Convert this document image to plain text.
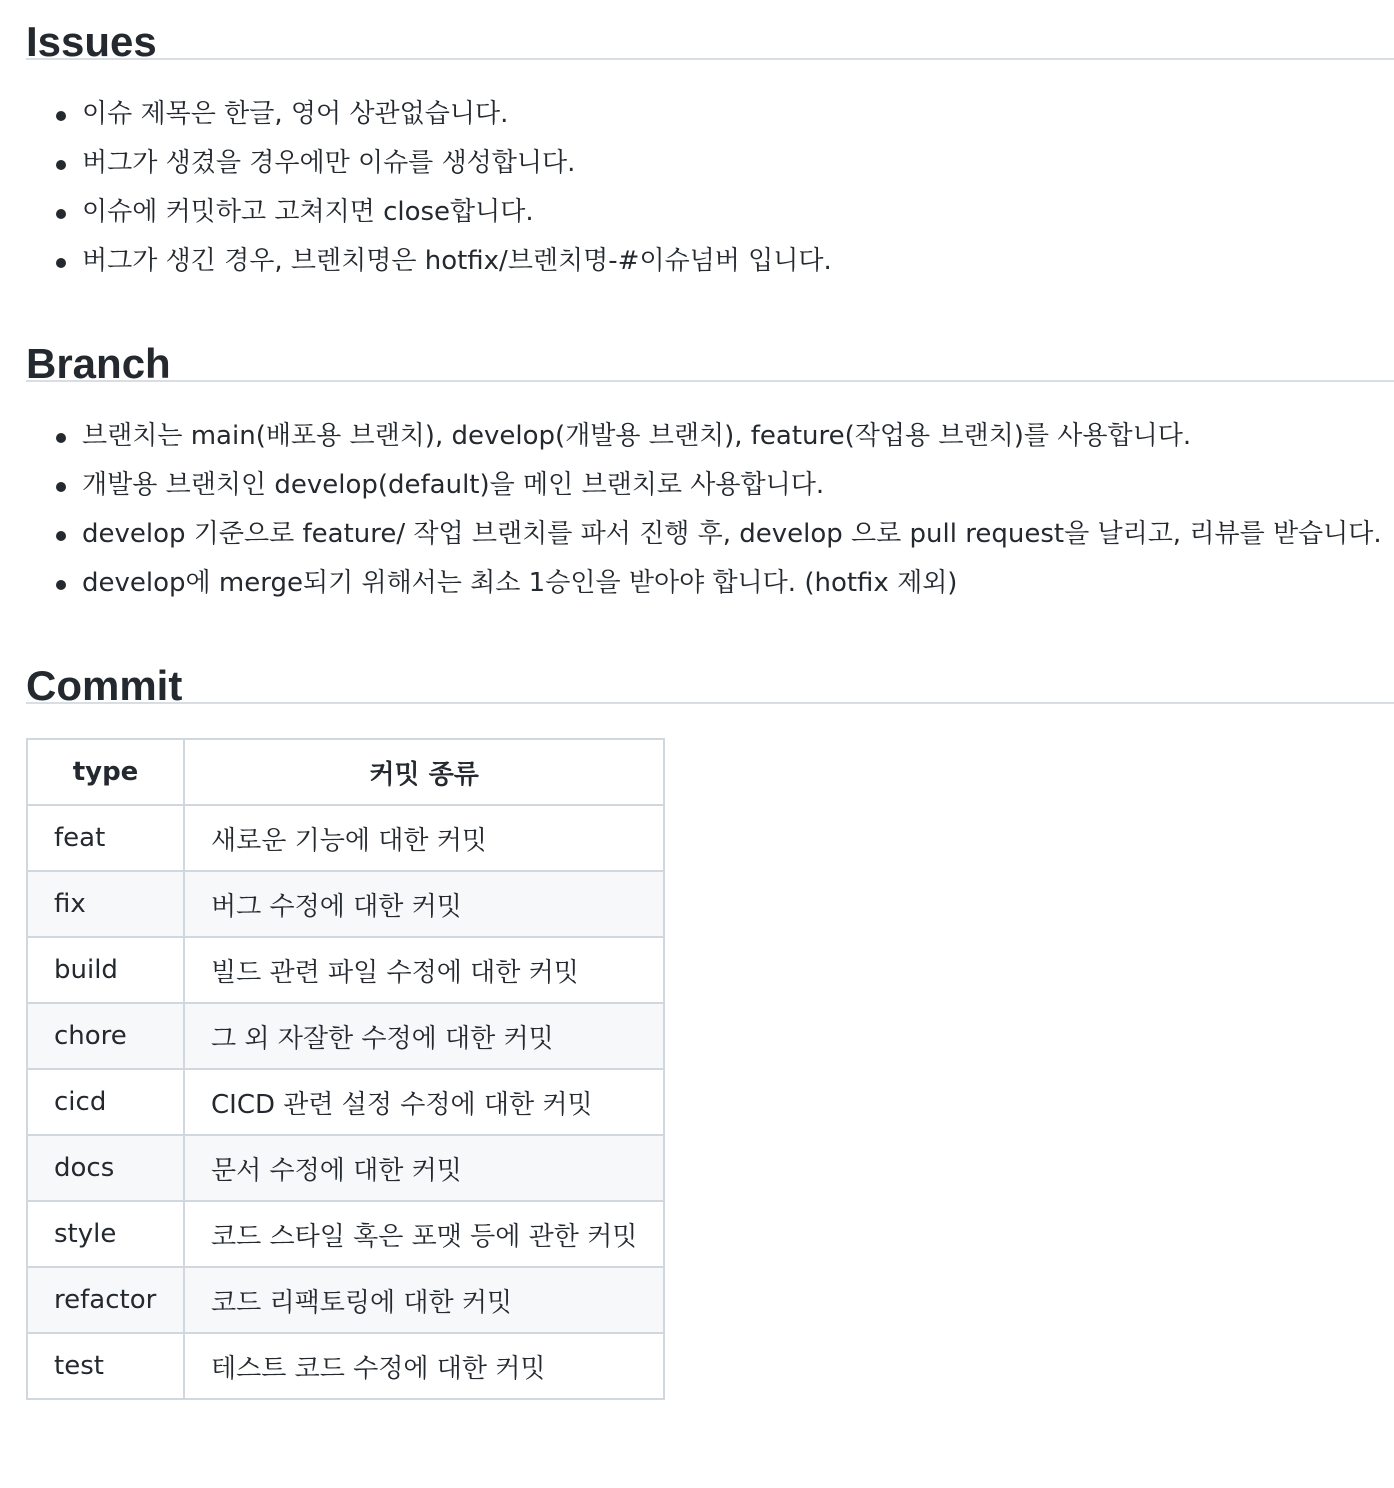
Issues
이슈 제목은 한글, 영어 상관없습니다.
버그가 생겼을 경우에만 이슈를 생성합니다.
이슈에 커밋하고 고쳐지면 close합니다.
버그가 생긴 경우, 브렌치명은 hotfix/브렌치명-#이슈넘버 입니다.
Branch
브랜치는 main(배포용 브랜치), develop(개발용 브랜치), feature(작업용 브랜치)를 사용합니다.
개발용 브랜치인 develop(default)을 메인 브랜치로 사용합니다.
develop 기준으로 feature/ 작업 브랜치를 파서 진행 후, develop 으로 pull request을 날리고, 리뷰를 받습니다.
develop에 merge되기 위해서는 최소 1승인을 받아야 합니다. (hotfix 제외)
Commit
type	커밋 종류
feat	새로운 기능에 대한 커밋
fix	버그 수정에 대한 커밋
build	빌드 관련 파일 수정에 대한 커밋
chore	그 외 자잘한 수정에 대한 커밋
cicd	CICD 관련 설정 수정에 대한 커밋
docs	문서 수정에 대한 커밋
style	코드 스타일 혹은 포맷 등에 관한 커밋
refactor	코드 리팩토링에 대한 커밋
test	테스트 코드 수정에 대한 커밋
